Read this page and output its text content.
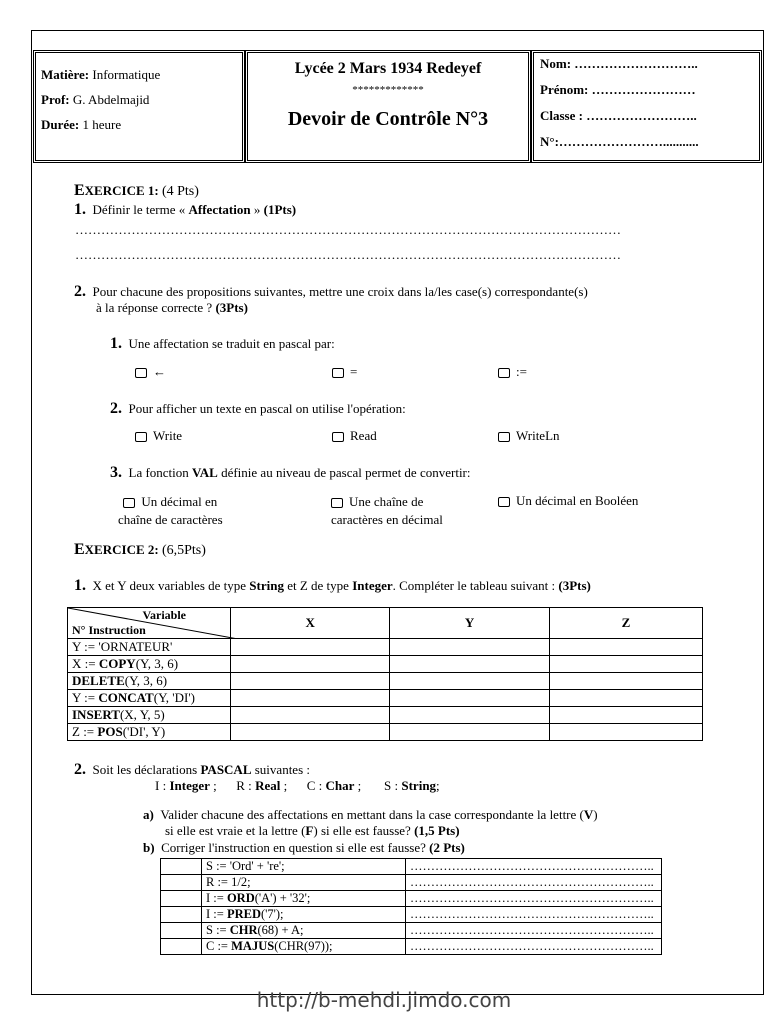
Matière: Informatique
Prof: G. Abdelmajid
Durée: 1 heure
Lycée 2 Mars 1934 Redeyef
*************
Devoir de Contrôle N°3
Nom: ………………………..
Prénom: ……………………
Classe : ……………………..
N°:……………………...........
EXERCICE 1: (4 Pts)
1. Définir le terme « Affectation » (1Pts)
………………………………………………………………………………………………………………
………………………………………………………………………………………………………………
2. Pour chacune des propositions suivantes, mettre une croix dans la/les case(s) correspondante(s)
à la réponse correcte ? (3Pts)
1. Une affectation se traduit en pascal par:
←	=	:=
2. Pour afficher un texte en pascal on utilise l'opération:
Write	Read	WriteLn
3. La fonction VAL définie au niveau de pascal permet de convertir:
Un décimal en
chaîne de caractères
Une chaîne de
caractères en décimal
Un décimal en Booléen
EXERCICE 2: (6,5Pts)
1. X et Y deux variables de type String et Z de type Integer. Compléter le tableau suivant : (3Pts)
Variable
N° Instruction	X	Y	Z
Y := 'ORNATEUR'			
X := COPY(Y, 3, 6)			
DELETE(Y, 3, 6)			
Y := CONCAT(Y, 'DI')			
INSERT(X, Y, 5)			
Z := POS('DI', Y)			
2. Soit les déclarations PASCAL suivantes :
I : Integer ; R : Real ; C : Char ; S : String;
a) Valider chacune des affectations en mettant dans la case correspondante la lettre (V)
si elle est vraie et la lettre (F) si elle est fausse? (1,5 Pts)
b) Corriger l'instruction en question si elle est fausse? (2 Pts)
	S := 'Ord' + 're';	…………………………………………………..
	R := 1/2;	…………………………………………………..
	I := ORD('A') + '32';	…………………………………………………..
	I := PRED('7');	…………………………………………………..
	S := CHR(68) + A;	…………………………………………………..
	C := MAJUS(CHR(97));	…………………………………………………..
http://b-mehdi.jimdo.com
